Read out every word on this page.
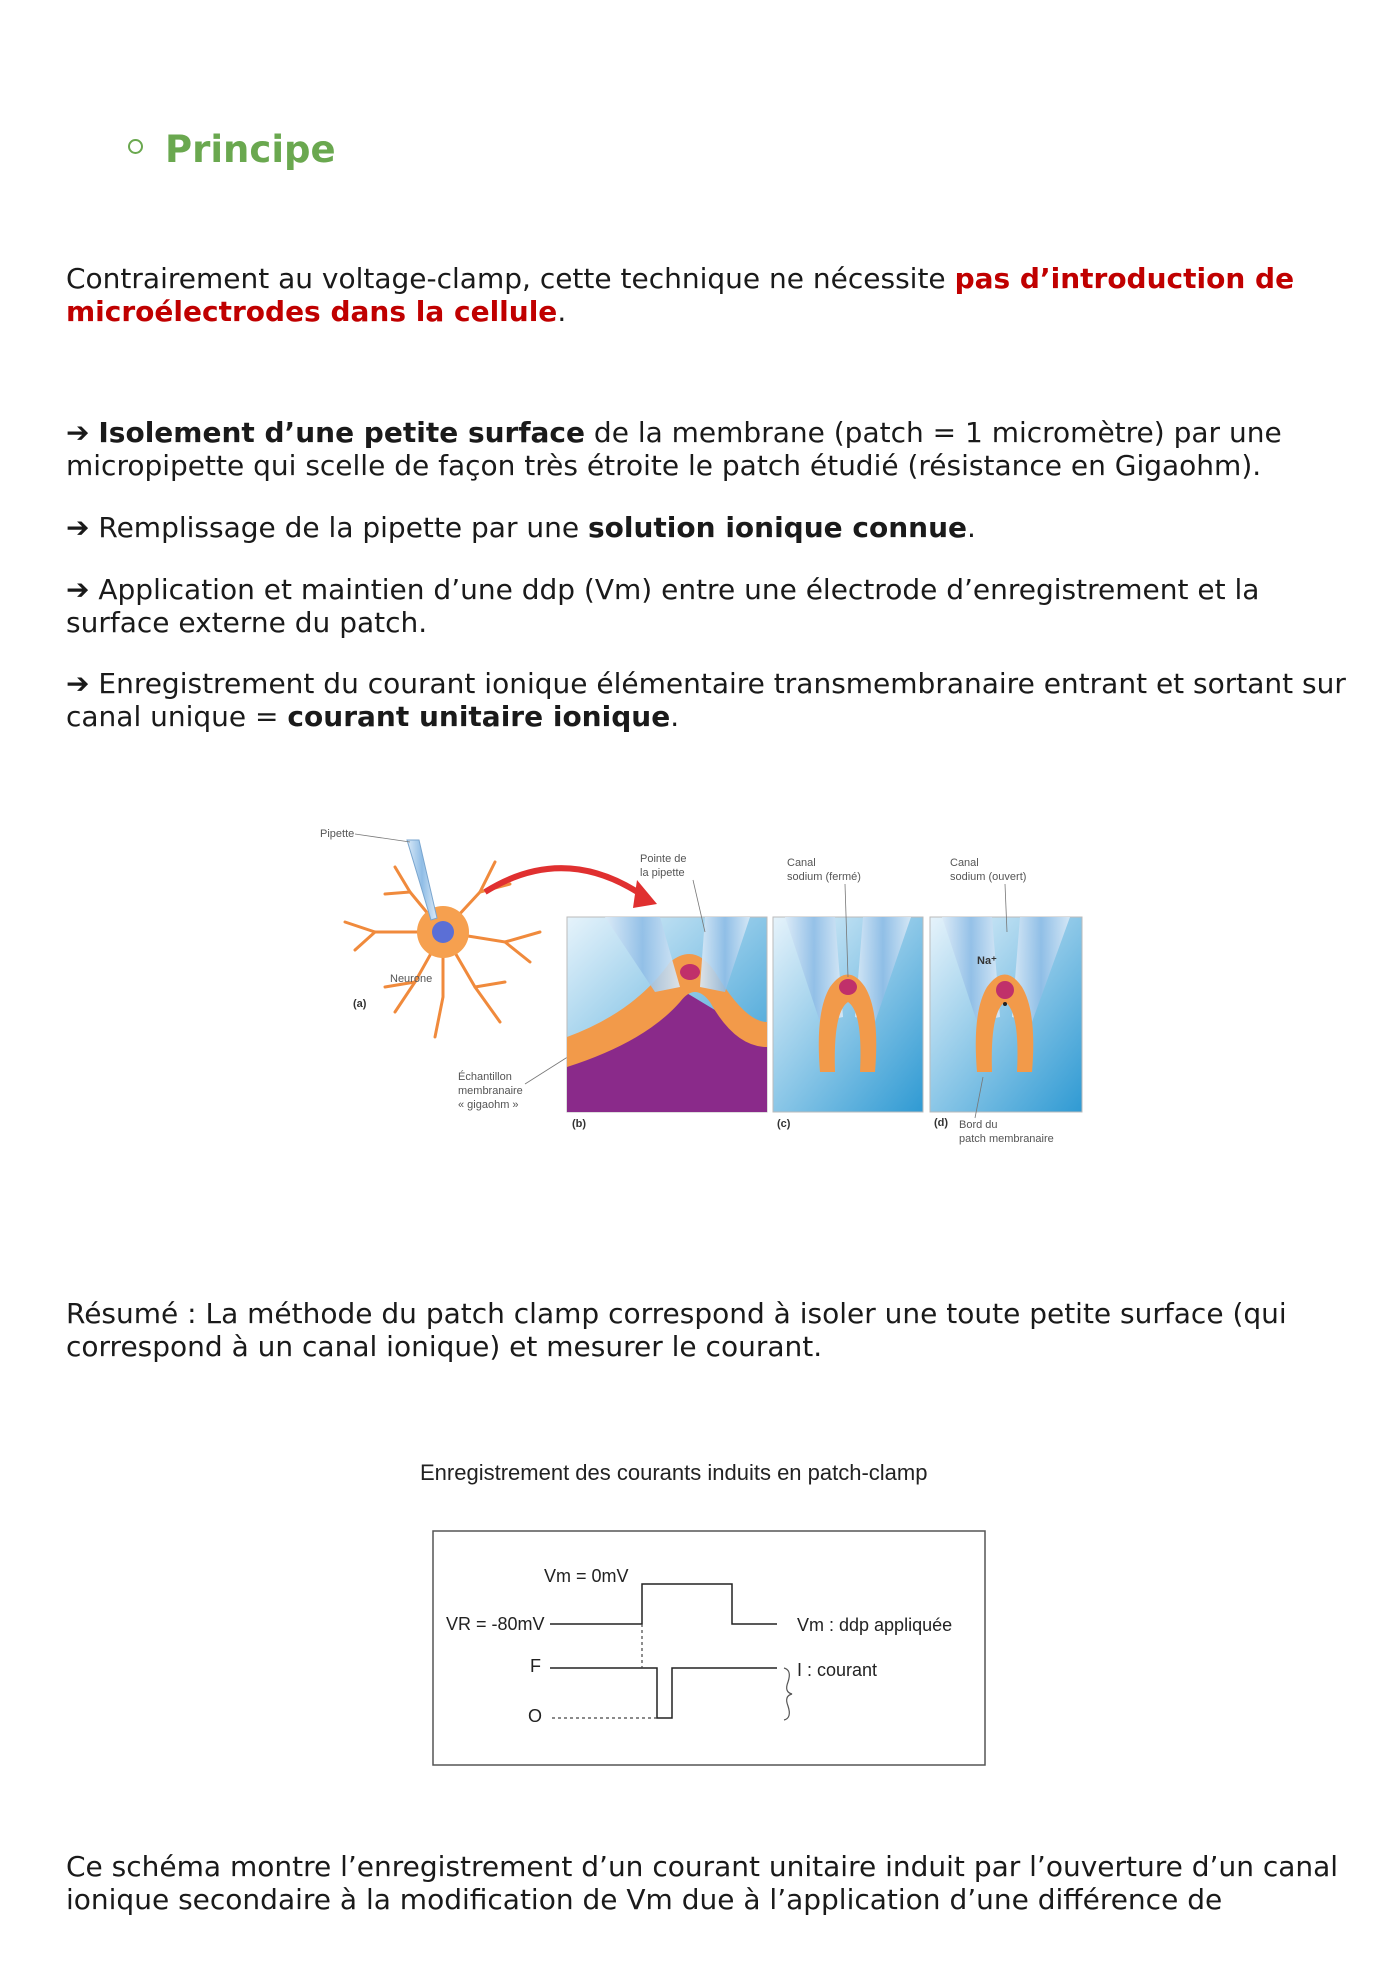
Principe
Contrairement au voltage-clamp, cette technique ne nécessite pas d’introduction de microélectrodes dans la cellule.
➔ Isolement d’une petite surface de la membrane (patch = 1 micromètre) par une micropipette qui scelle de façon très étroite le patch étudié (résistance en Gigaohm).
➔ Remplissage de la pipette par une solution ionique connue.
➔ Application et maintien d’une ddp (Vm) entre une électrode d’enregistrement et la surface externe du patch.
➔ Enregistrement du courant ionique élémentaire transmembranaire entrant et sortant sur canal unique = courant unitaire ionique.
Pipette
Neurone
(a)
Échantillon
membranaire
« gigaohm »
(b)
Pointe de
la pipette
(c)
Canal
sodium (fermé)
(d)
Canal
sodium (ouvert)
Na⁺
Bord du
patch membranaire
Résumé : La méthode du patch clamp correspond à isoler une toute petite surface (qui correspond à un canal ionique) et mesurer le courant.
Enregistrement des courants induits en patch-clamp
Vm = 0mV
VR = -80mV	Vm : ddp appliquée
F
O
I : courant
Ce schéma montre l’enregistrement d’un courant unitaire induit par l’ouverture d’un canal ionique secondaire à la modification de Vm due à l’application d’une différence de
